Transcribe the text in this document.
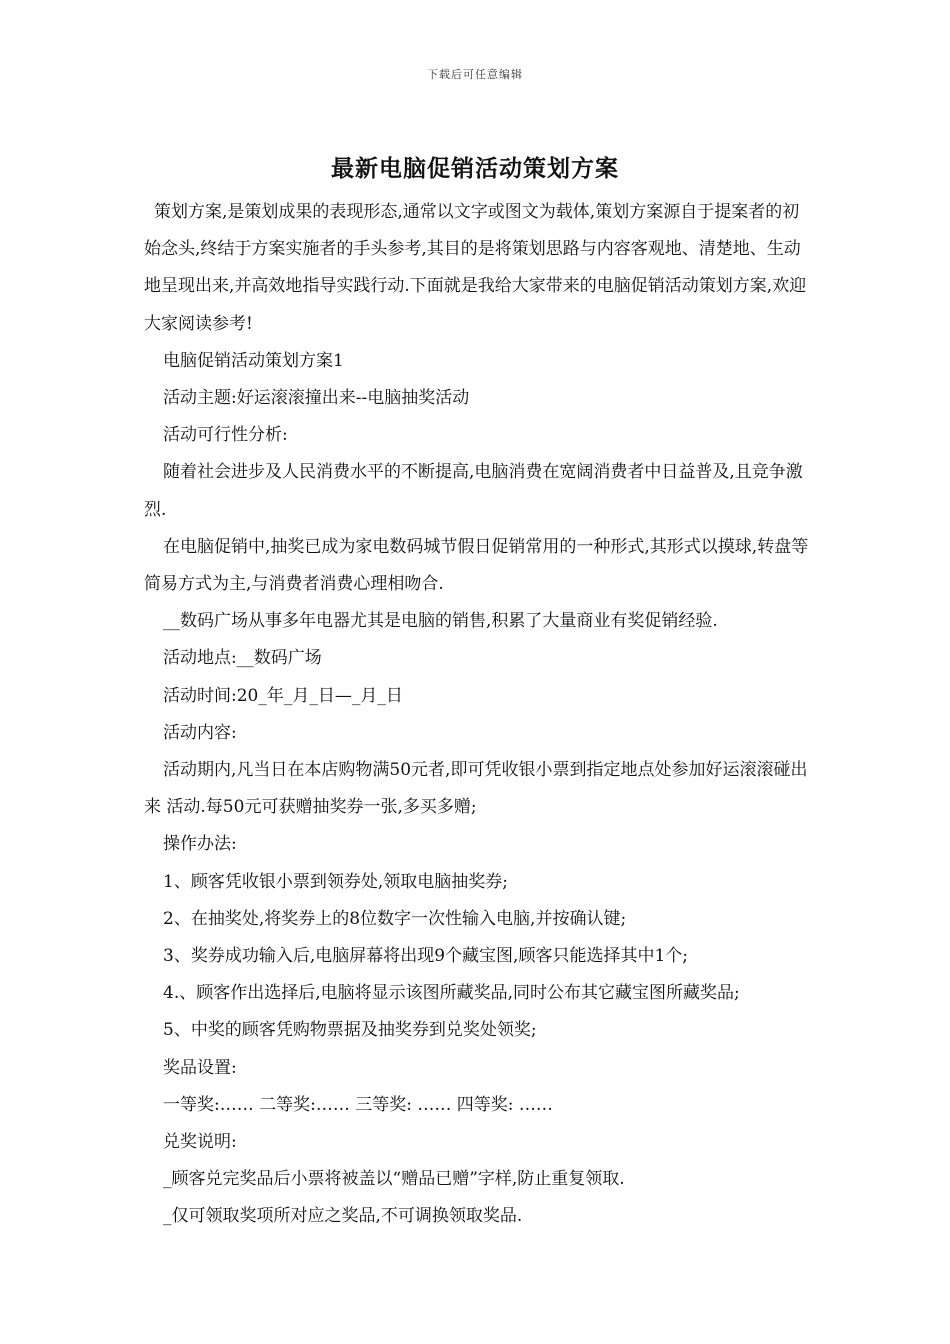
下载后可任意编辑
最新电脑促销活动策划方案

策划方案,是策划成果的表现形态,通常以文字或图文为载体,策划方案源自于提案者的初始念头,终结于方案实施者的手头参考,其目的是将策划思路与内容客观地、清楚地、生动地呈现出来,并高效地指导实践行动.下面就是我给大家带来的电脑促销活动策划方案,欢迎大家阅读参考!

电脑促销活动策划方案1

活动主题:好运滚滚撞出来--电脑抽奖活动

活动可行性分析:

随着社会进步及人民消费水平的不断提高,电脑消费在宽阔消费者中日益普及,且竞争激烈.

在电脑促销中,抽奖已成为家电数码城节假日促销常用的一种形式,其形式以摸球,转盘等简易方式为主,与消费者消费心理相吻合.

__数码广场从事多年电器尤其是电脑的销售,积累了大量商业有奖促销经验.

活动地点:__数码广场

活动时间:20_年_月_日—_月_日

活动内容:

活动期内,凡当日在本店购物满50元者,即可凭收银小票到指定地点处参加好运滚滚碰出来 活动.每50元可获赠抽奖券一张,多买多赠;

操作办法:

1、顾客凭收银小票到领券处,领取电脑抽奖券;

2、在抽奖处,将奖券上的8位数字一次性输入电脑,并按确认键;

3、奖券成功输入后,电脑屏幕将出现9个藏宝图,顾客只能选择其中1个;

4.、顾客作出选择后,电脑将显示该图所藏奖品,同时公布其它藏宝图所藏奖品;

5、中奖的顾客凭购物票据及抽奖券到兑奖处领奖;

奖品设置:

一等奖:…… 二等奖:…… 三等奖: …… 四等奖: ……

兑奖说明:

_顾客兑完奖品后小票将被盖以“赠品已赠”字样,防止重复领取.

_仅可领取奖项所对应之奖品,不可调换领取奖品.
